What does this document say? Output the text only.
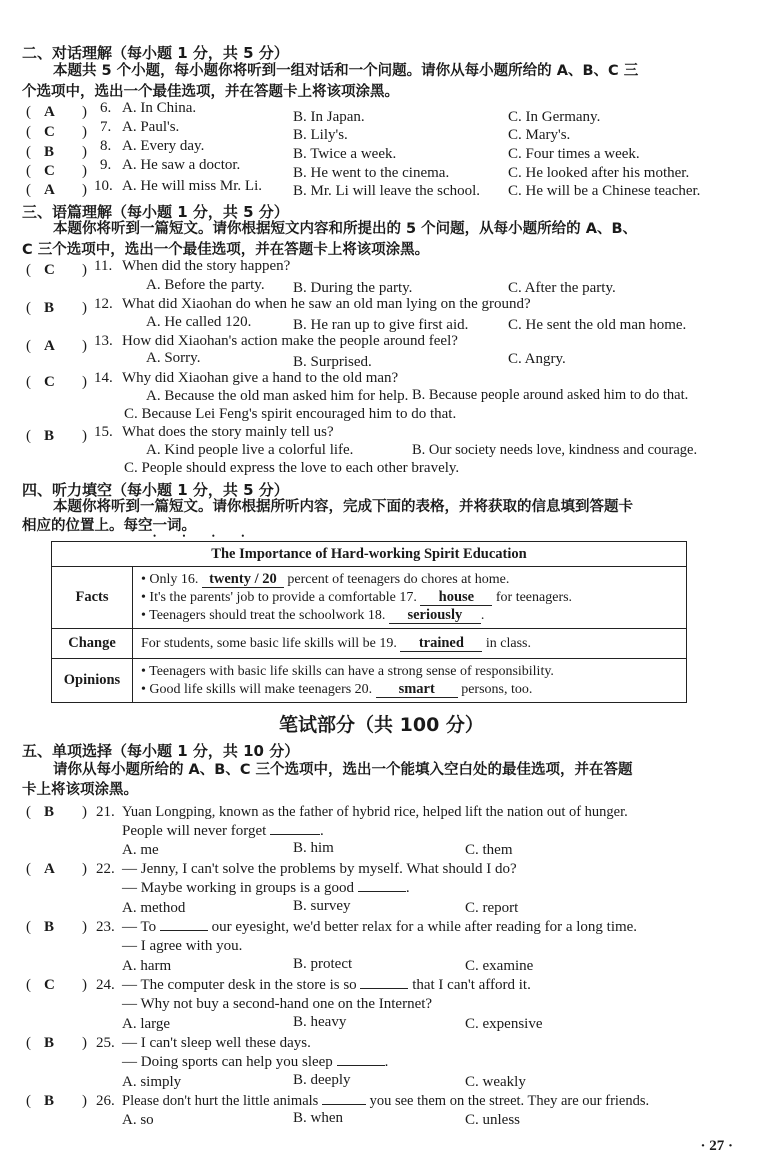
二、对话理解（每小题 1 分，共 5 分）
本题共 5 个小题，每小题你将听到一组对话和一个问题。请你从每小题所给的 A、B、C 三
个选项中，选出一个最佳选项，并在答题卡上将该项涂黑。
( A ) 6. A. In China.
B. In Japan.	C. In Germany.
( C ) 7. A. Paul's.	B. Lily's.	C. Mary's.
( B ) 8. A. Every day.	B. Twice a week.	C. Four times a week.
( C ) 9. A. He saw a doctor.	B. He went to the cinema.	C. He looked after his mother.
( A ) 10. A. He will miss Mr. Li. B. Mr. Li will leave the school. C. He will be a Chinese teacher.
三、语篇理解（每小题 1 分，共 5 分）
本题你将听到一篇短文。请你根据短文内容和所提出的 5 个问题，从每小题所给的 A、B、
C 三个选项中，选出一个最佳选项，并在答题卡上将该项涂黑。
( C ) 11. When did the story happen?
A. Before the party. B. During the party.	C. After the party.
( B ) 12. What did Xiaohan do when he saw an old man lying on the ground?
A. He called 120.	B. He ran up to give first aid.	C. He sent the old man home.
( A ) 13. How did Xiaohan's action make the people around feel?
A. Sorry.	B. Surprised.	C. Angry.
( C ) 14. Why did Xiaohan give a hand to the old man?
A. Because the old man asked him for help. B. Because people around asked him to do that.
C. Because Lei Feng's spirit encouraged him to do that.
( B ) 15. What does the story mainly tell us?
A. Kind people live a colorful life.	B. Our society needs love, kindness and courage.
C. People should express the love to each other bravely.
四、听力填空（每小题 1 分，共 5 分）
本题你将听到一篇短文。请你根据所听内容，完成下面的表格，并将获取的信息填到答题卡
相应的位置上。每空一词。
• • • •
The Importance of Hard-working Spirit Education	
Facts	• Only 16. twenty / 20 percent of teenagers do chores at home.
• It's the parents' job to provide a comfortable 17. house for teenagers.
• Teenagers should treat the schoolwork 18. seriously .

Change	For students, some basic life skills will be 19. trained in class.

Opinions	• Teenagers with basic life skills can have a strong sense of responsibility.
• Good life skills will make teenagers 20. smart persons, too.
笔试部分（共 100 分）
五、单项选择（每小题 1 分，共 10 分）
请你从每小题所给的 A、B、C 三个选项中，选出一个能填入空白处的最佳选项，并在答题
卡上将该项涂黑。
( B ) 21. Yuan Longping, known as the father of hybrid rice, helped lift the nation out of hunger.
People will never forget	.
A. me	B. him	C. them
( A ) 22. — Jenny, I can't solve the problems by myself. What should I do?
— Maybe working in groups is a good	.
A. method	B. survey	C. report
( B ) 23. — To	our eyesight, we'd better relax for a while after reading for a long time.
— I agree with you.
A. harm	B. protect	C. examine
( C ) 24. — The computer desk in the store is so	that I can't afford it.
— Why not buy a second-hand one on the Internet?
A. large	B. heavy	C. expensive
( B ) 25. — I can't sleep well these days.
— Doing sports can help you sleep	.
A. simply	B. deeply	C. weakly
( B ) 26. Please don't hurt the little animals	you see them on the street. They are our friends.
A. so	B. when	C. unless
· 27 ·
